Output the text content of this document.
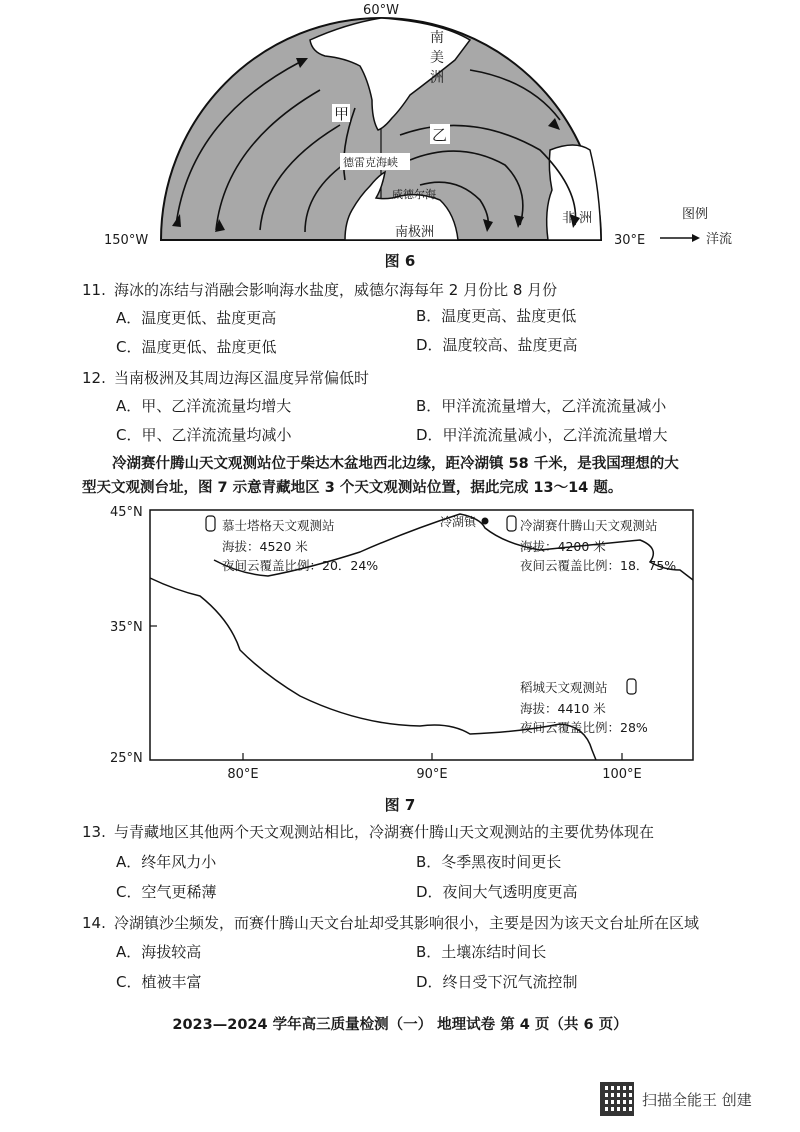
60°W
150°W	30°E
南
美
洲
甲
乙
德雷克海峡
威德尔海
南极洲
非 洲	图例
洋流
图 6
11. 海冰的冻结与消融会影响海水盐度，威德尔海每年 2 月份比 8 月份
A．温度更低、盐度更高	B．温度更高、盐度更低
C．温度更低、盐度更低	D．温度较高、盐度更高
12. 当南极洲及其周边海区温度异常偏低时
A．甲、乙洋流流量均增大	B．甲洋流流量增大，乙洋流流量减小
C．甲、乙洋流流量均减小	D．甲洋流流量减小，乙洋流流量增大
冷湖赛什腾山天文观测站位于柴达木盆地西北边缘，距冷湖镇 58 千米，是我国理想的大
型天文观测台址，图 7 示意青藏地区 3 个天文观测站位置，据此完成 13～14 题。
45°N
35°N
25°N
80°E	90°E	100°E
冷湖镇
慕士塔格天文观测站
海拔：4520 米
夜间云覆盖比例：20．24%
冷湖赛什腾山天文观测站
海拔：4200 米
夜间云覆盖比例：18．75%
稻城天文观测站
海拔：4410 米
夜间云覆盖比例：28%
图 7
13. 与青藏地区其他两个天文观测站相比，冷湖赛什腾山天文观测站的主要优势体现在
A．终年风力小	B．冬季黑夜时间更长
C．空气更稀薄	D．夜间大气透明度更高
14. 冷湖镇沙尘频发，而赛什腾山天文台址却受其影响很小，主要是因为该天文台址所在区域
A．海拔较高	B．土壤冻结时间长
C．植被丰富	D．终日受下沉气流控制
2023—2024 学年高三质量检测（一） 地理试卷 第 4 页（共 6 页）
扫描全能王 创建
